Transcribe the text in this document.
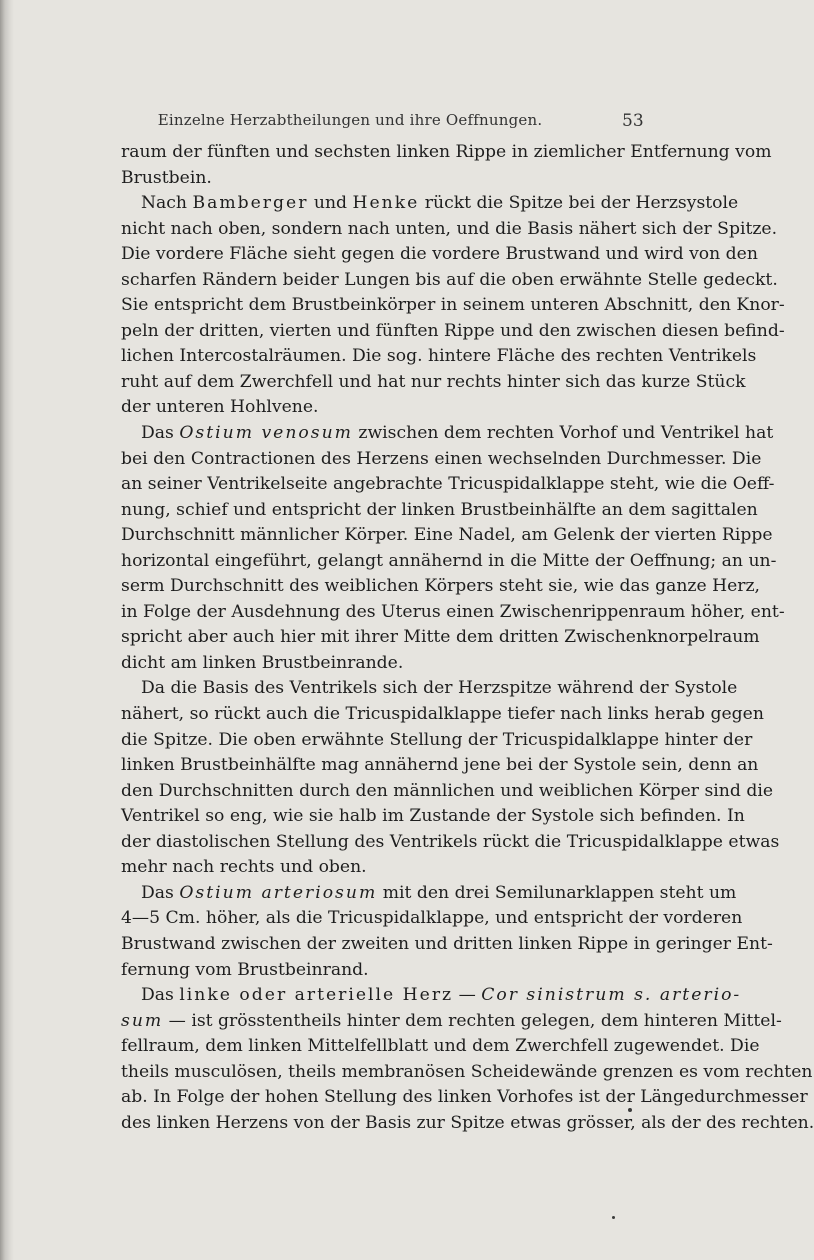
Einzelne Herzabtheilungen und ihre Oeffnungen.	53
raum der fünften und sechsten linken Rippe in ziemlicher Entfernung vom
Brustbein.
Nach Bamberger und Henke rückt die Spitze bei der Herzsystole
nicht nach oben, sondern nach unten, und die Basis nähert sich der Spitze.
Die vordere Fläche sieht gegen die vordere Brustwand und wird von den
scharfen Rändern beider Lungen bis auf die oben erwähnte Stelle gedeckt.
Sie entspricht dem Brustbeinkörper in seinem unteren Abschnitt, den Knor-
peln der dritten, vierten und fünften Rippe und den zwischen diesen befind-
lichen Intercostalräumen. Die sog. hintere Fläche des rechten Ventrikels
ruht auf dem Zwerchfell und hat nur rechts hinter sich das kurze Stück
der unteren Hohlvene.
Das Ostium venosum zwischen dem rechten Vorhof und Ventrikel hat
bei den Contractionen des Herzens einen wechselnden Durchmesser. Die
an seiner Ventrikelseite angebrachte Tricuspidalklappe steht, wie die Oeff-
nung, schief und entspricht der linken Brustbeinhälfte an dem sagittalen
Durchschnitt männlicher Körper. Eine Nadel, am Gelenk der vierten Rippe
horizontal eingeführt, gelangt annähernd in die Mitte der Oeffnung; an un-
serm Durchschnitt des weiblichen Körpers steht sie, wie das ganze Herz,
in Folge der Ausdehnung des Uterus einen Zwischenrippenraum höher, ent-
spricht aber auch hier mit ihrer Mitte dem dritten Zwischenknorpelraum
dicht am linken Brustbeinrande.
Da die Basis des Ventrikels sich der Herzspitze während der Systole
nähert, so rückt auch die Tricuspidalklappe tiefer nach links herab gegen
die Spitze. Die oben erwähnte Stellung der Tricuspidalklappe hinter der
linken Brustbeinhälfte mag annähernd jene bei der Systole sein, denn an
den Durchschnitten durch den männlichen und weiblichen Körper sind die
Ventrikel so eng, wie sie halb im Zustande der Systole sich befinden. In
der diastolischen Stellung des Ventrikels rückt die Tricuspidalklappe etwas
mehr nach rechts und oben.
Das Ostium arteriosum mit den drei Semilunarklappen steht um
4—5 Cm. höher, als die Tricuspidalklappe, und entspricht der vorderen
Brustwand zwischen der zweiten und dritten linken Rippe in geringer Ent-
fernung vom Brustbeinrand.
Das linke oder arterielle Herz — Cor sinistrum s. arterio-
sum — ist grösstentheils hinter dem rechten gelegen, dem hinteren Mittel-
fellraum, dem linken Mittelfellblatt und dem Zwerchfell zugewendet. Die
theils musculösen, theils membranösen Scheidewände grenzen es vom rechten
ab. In Folge der hohen Stellung des linken Vorhofes ist der Längedurchmesser
des linken Herzens von der Basis zur Spitze etwas grösser, als der des rechten.
